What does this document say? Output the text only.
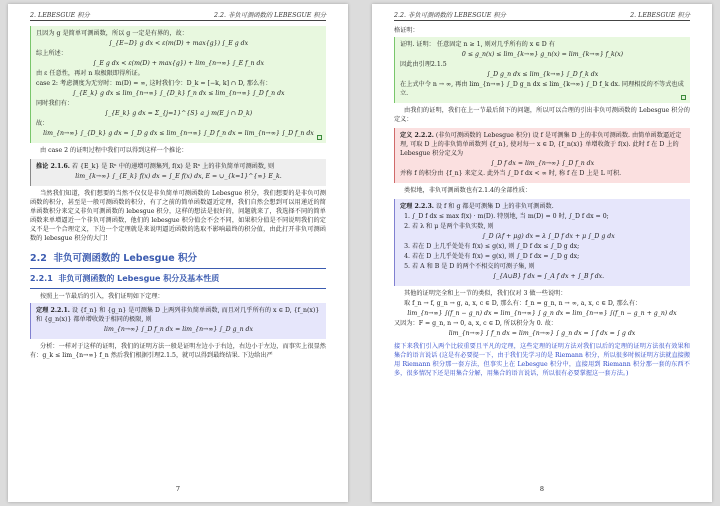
2. LEBESGUE 积分	2.2. 非负可测函数的 LEBESGUE 积分
且因为 g 是简单可测函数，所以 g 一定是有界的，故：
∫_{E−D} g dx < ε(m(D) + max{g}) ∫_E g dx
综上所述：
∫_E g dx < ε(m(D) + max{g}) + lim_{n→∞} ∫_E f_n dx
由 ε 任意性，再对 n 取极限即得所证。
case 2: 考虑测度为无穷时：m(D) = ∞, 这时我们令：D_k = [−k, k] ∩ D, 那么有：
∫_{E_k} g dx ≤ lim_{n→∞} ∫_{D_k} f_n dx ≤ lim_{n→∞} ∫_D f_n dx
同时我们有：
∫_{E_k} g dx = Σ_{j=1}^{S} a_j m(E_j ∩ D_k)
故：
lim_{n→∞} ∫_{D_k} g dx = ∫_D g dx ≤ lim_{n→∞} ∫_D f_n dx = lim_{n→∞} ∫_D f_n dx
由 case 2 的证明过程中我们可以得到这样一个推论：
推论 2.1.6. 若 {E_k} 是 Rⁿ 中的递增可测集列, f(x) 是 Rⁿ 上的非负简单可测函数, 则
lim_{k→∞} ∫_{E_k} f(x) dx = ∫_E f(x) dx, E = ∪_{k=1}^{∞} E_k.
当然我们知道，我们想要的当然不仅仅是非负简单可测函数的 Lebesgue 积分，我们想要的是非负可测函数的积分，甚至是一般可测函数的积分，有了之前的简单函数逼近定理，我们自然会想到可以用递近的简单函数积分来定义非负可测函数的 lebesgue 积分，这样的想法是很好的，问题就来了，我选择不同的简单函数来单增逼近一个非负可测函数，他们的 lebesgue 积分值会不会不同，如果积分值是不同说明我们的定义不是一个合理定义，下边一个定理就是来说明逼近函数的选取不影响最终的积分值，由此打开非负可测函数的 lebesgue 积分的大门!
2.2 非负可测函数的 Lebesgue 积分
2.2.1 非负可测函数的 Lebesgue 积分及基本性质
按照上一节最后的引入，我们证明如下定理：
定理 2.2.1. 设 {f_n} 和 {g_n} 是可测集 D 上两列非负简单函数, 而且对几乎所有的 x ∈ D, {f_n(x)} 和 {g_n(x)} 都单增收敛于相同的极限, 则
lim_{n→∞} ∫_D f_n dx = lim_{n→∞} ∫_D g_n dx
分析：一样对于这样的证明，我们的证明方法一般是证明左边小于右边，右边小于左边，而事实上很显然有：g_k ≤ lim_{n→∞} f_n 然后我们根据引理2.1.5，就可以得到最终结果. 下边给出严
7
2.2. 非负可测函数的 LEBESGUE 积分	2. LEBESGUE 积分
格证明：
证明. 证明： 任意固定 n ≥ 1, 则对几乎所有的 x ∈ D 有
0 ≤ g_n(x) ≤ lim_{k→∞} g_n(x) = lim_{k→∞} f_k(x)
因此由引理2.1.5
∫_D g_n dx ≤ lim_{k→∞} ∫_D f_k dx
在上式中令 n → ∞, 再由 lim_{n→∞} ∫_D g_n dx ≤ lim_{k→∞} ∫_D f_k dx. 同理相反的不等式也成立.
由我们的证明，我们在上一节最后留下的问题，所以可以合理的引出非负可测函数的 Lebesgue 积分的定义：
定义 2.2.2. (非负可测函数的 Lebesgue 积分) 设 f 是可测集 D 上的非负可测函数. 由简单函数逼近定理, 可取 D 上的非负简单函数列 {f_n}, 使对每一 x ∈ D, {f_n(x)} 单增收敛于 f(x). 此时 f 在 D 上的 Lebesgue 积分定义为
∫_D f dx = lim_{n→∞} ∫_D f_n dx
并称 f 的积分由 {f_n} 来定义. 此外当 ∫_D f dx < ∞ 时, 称 f 在 D 上是 L 可积.
类似地，非负可测函数也有2.1.4的全部性质：
定理 2.2.3. 设 f 和 g 都是可测集 D 上的非负可测函数.
1. ∫_D f dx ≤ max f(x) · m(D). 特别地, 当 m(D) = 0 时, ∫_D f dx = 0;
2. 若 λ 和 μ 是两个非负实数, 则
∫_D (λf + μg) dx = λ ∫_D f dx + μ ∫_D g dx
3. 若在 D 上几乎处处有 f(x) ≤ g(x), 则 ∫_D f dx ≤ ∫_D g dx;
4. 若在 D 上几乎处处有 f(x) = g(x), 则 ∫_D f dx = ∫_D g dx;
5. 若 A 和 B 是 D 的两个不相交的可测子集, 则
∫_{A∪B} f dx = ∫_A f dx + ∫_B f dx.
其他的证明完全和上一节的类似，我们仅对 3 做一些说明：
取 f_n → f, g_n → g, a, x, c ∈ D, 那么有：f_n = g_n, n → ∞, a, x, c ∈ D, 那么有：
lim_{n→∞} ∫(f_n − g_n) dx = lim_{n→∞} ∫ g_n dx = lim_{n→∞} ∫(f_n − g_n + g_n) dx
又因为：F = g_n, n → 0, a, x, c ∈ D, 所以积分为 0. 故：
lim_{n→∞} ∫ f_n dx = lim_{n→∞} ∫ g_n dx = ∫ f dx = ∫ g dx
接下来我们引入两个比较重要且平凡的定理，这些定理的证明方法对我们以后的定理的证明方法很有效果和集合的语言说话 (这是有必要提一下，由于我们先学习的是 Riemann 积分，所以很多时候证明方法就直接搬用 Riemann 积分那一套方法，但事实上在 Lebesgue 积分中，直接用到 Riemann 积分那一套的东西不多，很多情况下还是用集合分解，用集合的语言说话，所以很有必要掌握这一套方法。)
8
